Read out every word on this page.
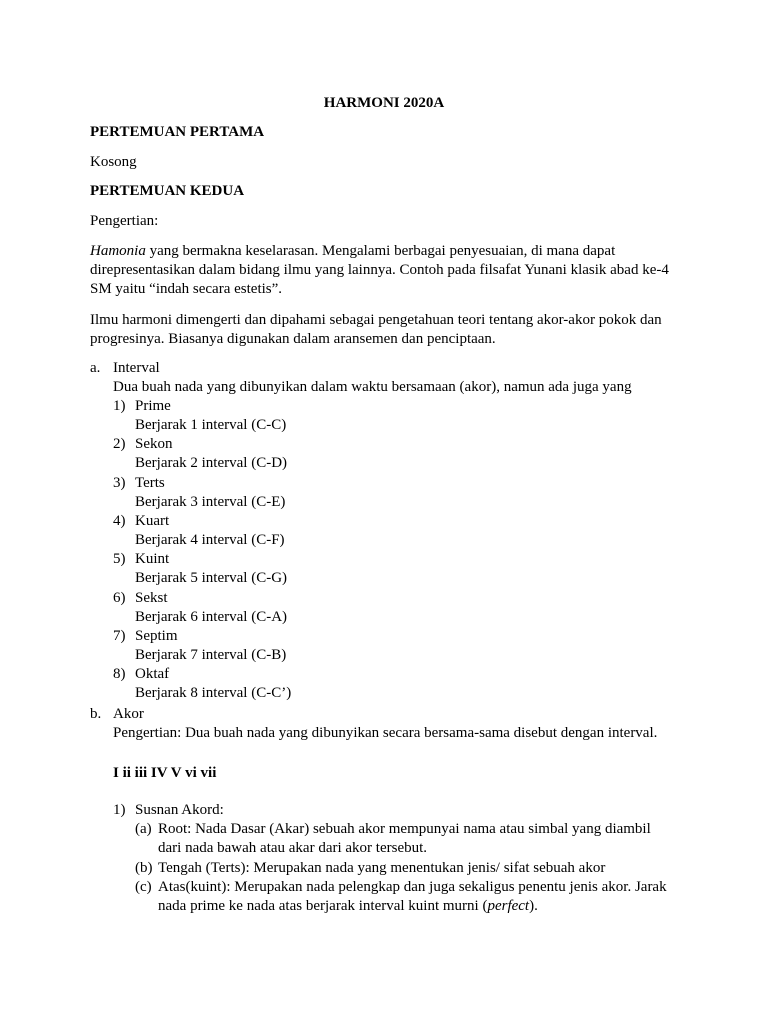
HARMONI 2020A
PERTEMUAN PERTAMA
Kosong
PERTEMUAN KEDUA
Pengertian:
Hamonia yang bermakna keselarasan. Mengalami berbagai penyesuaian, di mana dapat
direpresentasikan dalam bidang ilmu yang lainnya. Contoh pada filsafat Yunani klasik abad ke-4
SM yaitu “indah secara estetis”.
Ilmu harmoni dimengerti dan dipahami sebagai pengetahuan teori tentang akor-akor pokok dan
progresinya. Biasanya digunakan dalam aransemen dan penciptaan.
a. Interval
Dua buah nada yang dibunyikan dalam waktu bersamaan (akor), namun ada juga yang
1) Prime
Berjarak 1 interval (C-C)
2) Sekon
Berjarak 2 interval (C-D)
3) Terts
Berjarak 3 interval (C-E)
4) Kuart
Berjarak 4 interval (C-F)
5) Kuint
Berjarak 5 interval (C-G)
6) Sekst
Berjarak 6 interval (C-A)
7) Septim
Berjarak 7 interval (C-B)
8) Oktaf
Berjarak 8 interval (C-C’)
b. Akor
Pengertian: Dua buah nada yang dibunyikan secara bersama-sama disebut dengan interval.
I ii iii IV V vi vii
1) Susnan Akord:
(a) Root: Nada Dasar (Akar) sebuah akor mempunyai nama atau simbal yang diambil
dari nada bawah atau akar dari akor tersebut.
(b) Tengah (Terts): Merupakan nada yang menentukan jenis/ sifat sebuah akor
(c) Atas(kuint): Merupakan nada pelengkap dan juga sekaligus penentu jenis akor. Jarak
nada prime ke nada atas berjarak interval kuint murni (perfect).
